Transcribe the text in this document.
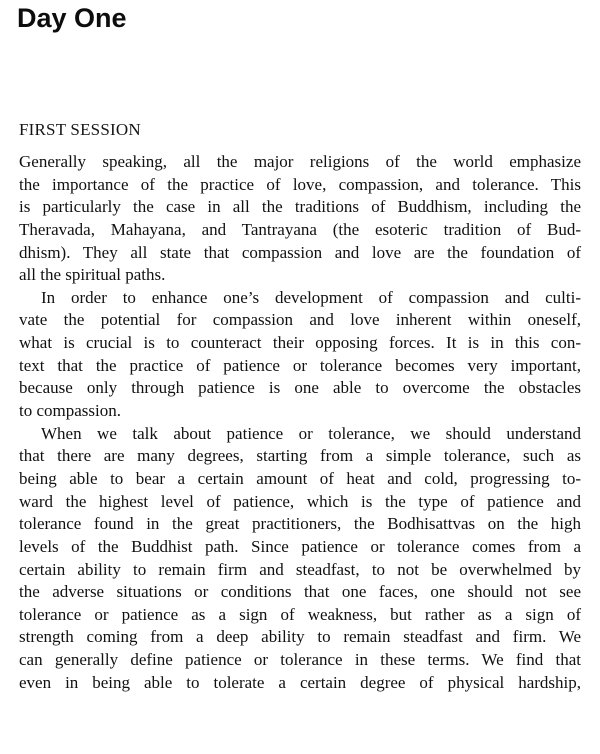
Day One
FIRST SESSION
Generally speaking, all the major religions of the world emphasize
the importance of the practice of love, compassion, and tolerance. This
is particularly the case in all the traditions of Buddhism, including the
Theravada, Mahayana, and Tantrayana (the esoteric tradition of Bud-
dhism). They all state that compassion and love are the foundation of
all the spiritual paths.
In order to enhance one’s development of compassion and culti-
vate the potential for compassion and love inherent within oneself,
what is crucial is to counteract their opposing forces. It is in this con-
text that the practice of patience or tolerance becomes very important,
because only through patience is one able to overcome the obstacles
to compassion.
When we talk about patience or tolerance, we should understand
that there are many degrees, starting from a simple tolerance, such as
being able to bear a certain amount of heat and cold, progressing to-
ward the highest level of patience, which is the type of patience and
tolerance found in the great practitioners, the Bodhisattvas on the high
levels of the Buddhist path. Since patience or tolerance comes from a
certain ability to remain firm and steadfast, to not be overwhelmed by
the adverse situations or conditions that one faces, one should not see
tolerance or patience as a sign of weakness, but rather as a sign of
strength coming from a deep ability to remain steadfast and firm. We
can generally define patience or tolerance in these terms. We find that
even in being able to tolerate a certain degree of physical hardship,
